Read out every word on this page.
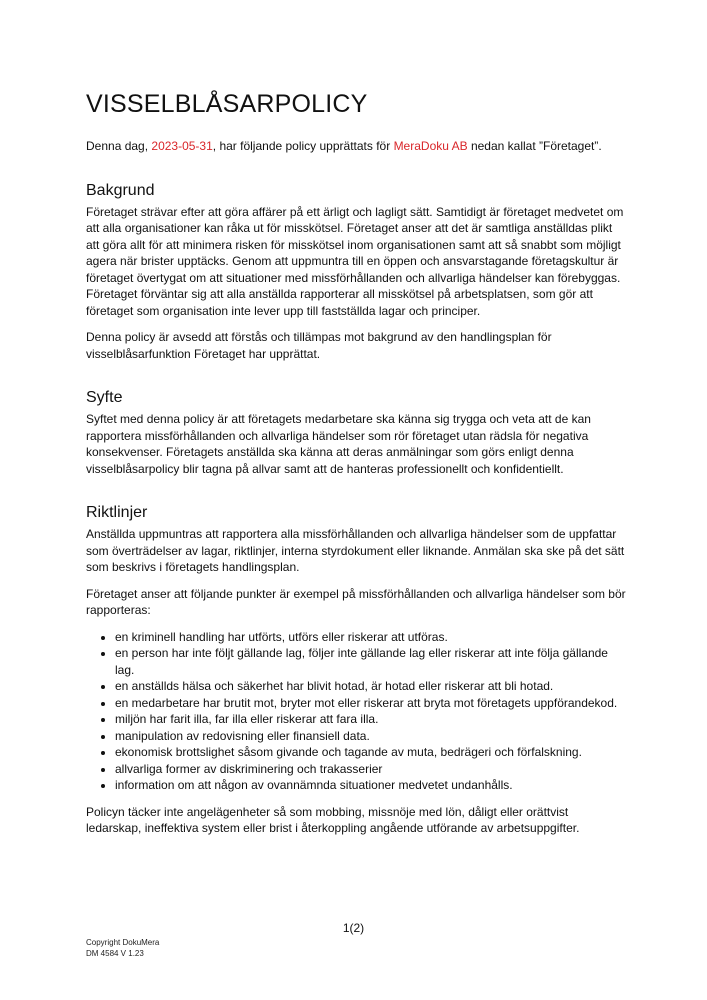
VISSELBLÅSARPOLICY

Denna dag, 2023-05-31, har följande policy upprättats för MeraDoku AB nedan kallat ”Företaget”.

Bakgrund

Företaget strävar efter att göra affärer på ett ärligt och lagligt sätt. Samtidigt är företaget medvetet om att alla organisationer kan råka ut för misskötsel. Företaget anser att det är samtliga anställdas plikt att göra allt för att minimera risken för misskötsel inom organisationen samt att så snabbt som möjligt agera när brister upptäcks. Genom att uppmuntra till en öppen och ansvarstagande företagskultur är företaget övertygat om att situationer med missförhållanden och allvarliga händelser kan förebyggas. Företaget förväntar sig att alla anställda rapporterar all misskötsel på arbetsplatsen, som gör att företaget som organisation inte lever upp till fastställda lagar och principer.

Denna policy är avsedd att förstås och tillämpas mot bakgrund av den handlingsplan för visselblåsarfunktion Företaget har upprättat.

Syfte

Syftet med denna policy är att företagets medarbetare ska känna sig trygga och veta att de kan rapportera missförhållanden och allvarliga händelser som rör företaget utan rädsla för negativa konsekvenser. Företagets anställda ska känna att deras anmälningar som görs enligt denna visselblåsarpolicy blir tagna på allvar samt att de hanteras professionellt och konfidentiellt.

Riktlinjer

Anställda uppmuntras att rapportera alla missförhållanden och allvarliga händelser som de uppfattar som överträdelser av lagar, riktlinjer, interna styrdokument eller liknande. Anmälan ska ske på det sätt som beskrivs i företagets handlingsplan.

Företaget anser att följande punkter är exempel på missförhållanden och allvarliga händelser som bör rapporteras:

• en kriminell handling har utförts, utförs eller riskerar att utföras.
• en person har inte följt gällande lag, följer inte gällande lag eller riskerar att inte följa gällande lag.
• en anställds hälsa och säkerhet har blivit hotad, är hotad eller riskerar att bli hotad.
• en medarbetare har brutit mot, bryter mot eller riskerar att bryta mot företagets uppförandekod.
• miljön har farit illa, far illa eller riskerar att fara illa.
• manipulation av redovisning eller finansiell data.
• ekonomisk brottslighet såsom givande och tagande av muta, bedrägeri och förfalskning.
• allvarliga former av diskriminering och trakasserier
• information om att någon av ovannämnda situationer medvetet undanhålls.

Policyn täcker inte angelägenheter så som mobbing, missnöje med lön, dåligt eller orättvist ledarskap, ineffektiva system eller brist i återkoppling angående utförande av arbetsuppgifter.

1(2)
Copyright DokuMera
DM 4584 V 1.23
